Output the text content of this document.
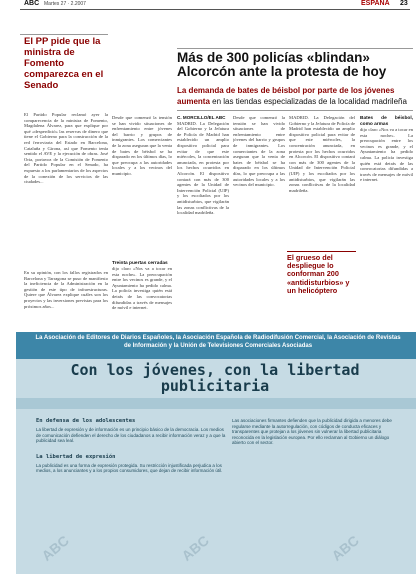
ABC Martes 27 · 2.2007	ESPAÑA 23
El PP pide que la ministra de Fomento comparezca en el Senado
El Partido Popular reclamó ayer la comparecencia de la ministra de Fomento, Magdalena Álvarez, para que explique por qué «desperdició» las reservas de dinero que tiene el Gobierno para la construcción de la red ferroviaria del Estado en Barcelona, Cataluña y Girona, así que Fomento tenía sentido el AVE y la ejecución de obras. José Oria, portavoz de la Comisión de Fomento del Partido Popular en el Senado, ha expuesto a los parlamentarios de los aspectos de la conexión de los servicios de las ciudades...
En su opinión, con los fallos registrados en Barcelona y Tarragona se puso de manifiesto la ineficiencia de la Administración en la gestión de este tipo de infraestructuras. Quiere que Álvarez explique cuáles son los proyectos y las inversiones previstas para los próximos años...
Más de 300 policías «blindan» Alcorcón ante la protesta de hoy
La demanda de bates de béisbol por parte de los jóvenes aumenta en las tiendas especializadas de la localidad madrileña
C. MORCILLO/EL ABC
MADRID. La Delegación del Gobierno y la Jefatura de Policía de Madrid han establecido un amplio dispositivo policial para evitar de que este miércoles, la concentración anunciada, en protesta por los hechos ocurridos en Alcorcón. El dispositivo contará con más de 300 agentes de la Unidad de Intervención Policial (UIP) y los escoltados por los antidisturbios, que vigilarán las zonas conflictivas de la localidad madrileña.
Desde que comenzó la tensión se han vivido situaciones de enfrentamiento entre jóvenes del barrio y grupos de inmigrantes. Los comerciantes de la zona aseguran que la venta de bates de béisbol se ha disparado en los últimos días, lo que preocupa a las autoridades locales y a los vecinos del municipio.
Treinta puertas cerradas
dijo claro «Nos va a tocar en esta noche». La preocupación entre los vecinos es grande, y el Ayuntamiento ha pedido calma. La policía investiga quién está detrás de las convocatorias difundidas a través de mensajes de móvil e internet.
Desde que comenzó la tensión se han vivido situaciones de enfrentamiento entre jóvenes del barrio y grupos de inmigrantes. Los comerciantes de la zona aseguran que la venta de bates de béisbol se ha disparado en los últimos días, lo que preocupa a las autoridades locales y a los vecinos del municipio.
MADRID. La Delegación del Gobierno y la Jefatura de Policía de Madrid han establecido un amplio dispositivo policial para evitar de que este miércoles, la concentración anunciada, en protesta por los hechos ocurridos en Alcorcón. El dispositivo contará con más de 300 agentes de la Unidad de Intervención Policial (UIP) y los escoltados por los antidisturbios, que vigilarán las zonas conflictivas de la localidad madrileña.
El grueso del despliegue lo conforman 200 «antidisturbios» y un helicóptero
Bates de béisbol, como armas
dijo claro «Nos va a tocar en esta noche». La preocupación entre los vecinos es grande, y el Ayuntamiento ha pedido calma. La policía investiga quién está detrás de las convocatorias difundidas a través de mensajes de móvil e internet.
La Asociación de Editores de Diarios Españoles, la Asociación Española de Radiodifusión Comercial, la Asociación de Revistas de Información y la Unión de Televisiones Comerciales Asociadas
Con los jóvenes, con la libertad publicitaria
En defensa de los adolescentes
La libertad de expresión y de información es un principio básico de la democracia. Los medios de comunicación defienden el derecho de los ciudadanos a recibir información veraz y a que la publicidad sea leal.
La libertad de expresión
La publicidad es una forma de expresión protegida. Su restricción injustificada perjudica a los medios, a los anunciantes y a los propios consumidores, que dejan de recibir información útil.
Las asociaciones firmantes defienden que la publicidad dirigida a menores debe regularse mediante la autorregulación, con códigos de conducta eficaces y transparentes que protejan a los jóvenes sin vulnerar la libertad publicitaria reconocida en la legislación europea. Por ello reclaman al Gobierno un diálogo abierto con el sector.
ABC	ABC	ABC
